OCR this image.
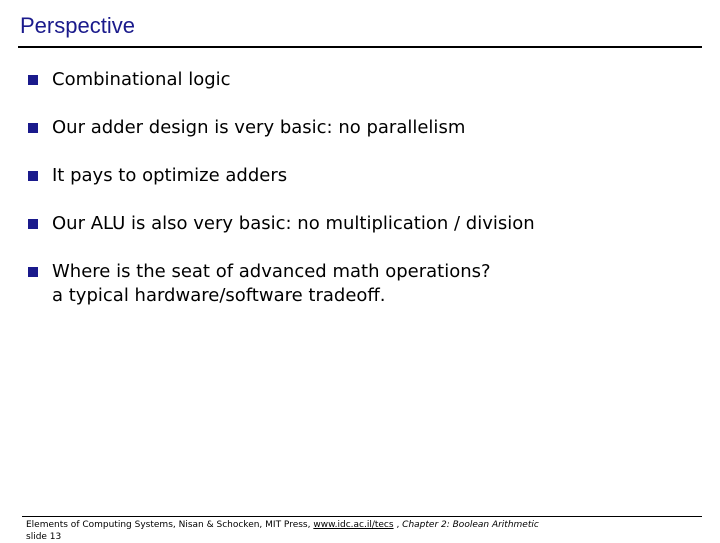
Perspective
Combinational logic
Our adder design is very basic: no parallelism
It pays to optimize adders
Our ALU is also very basic: no multiplication / division
Where is the seat of advanced math operations?
a typical hardware/software tradeoff.
Elements of Computing Systems, Nisan & Schocken, MIT Press, www.idc.ac.il/tecs , Chapter 2: Boolean Arithmetic
slide 13
